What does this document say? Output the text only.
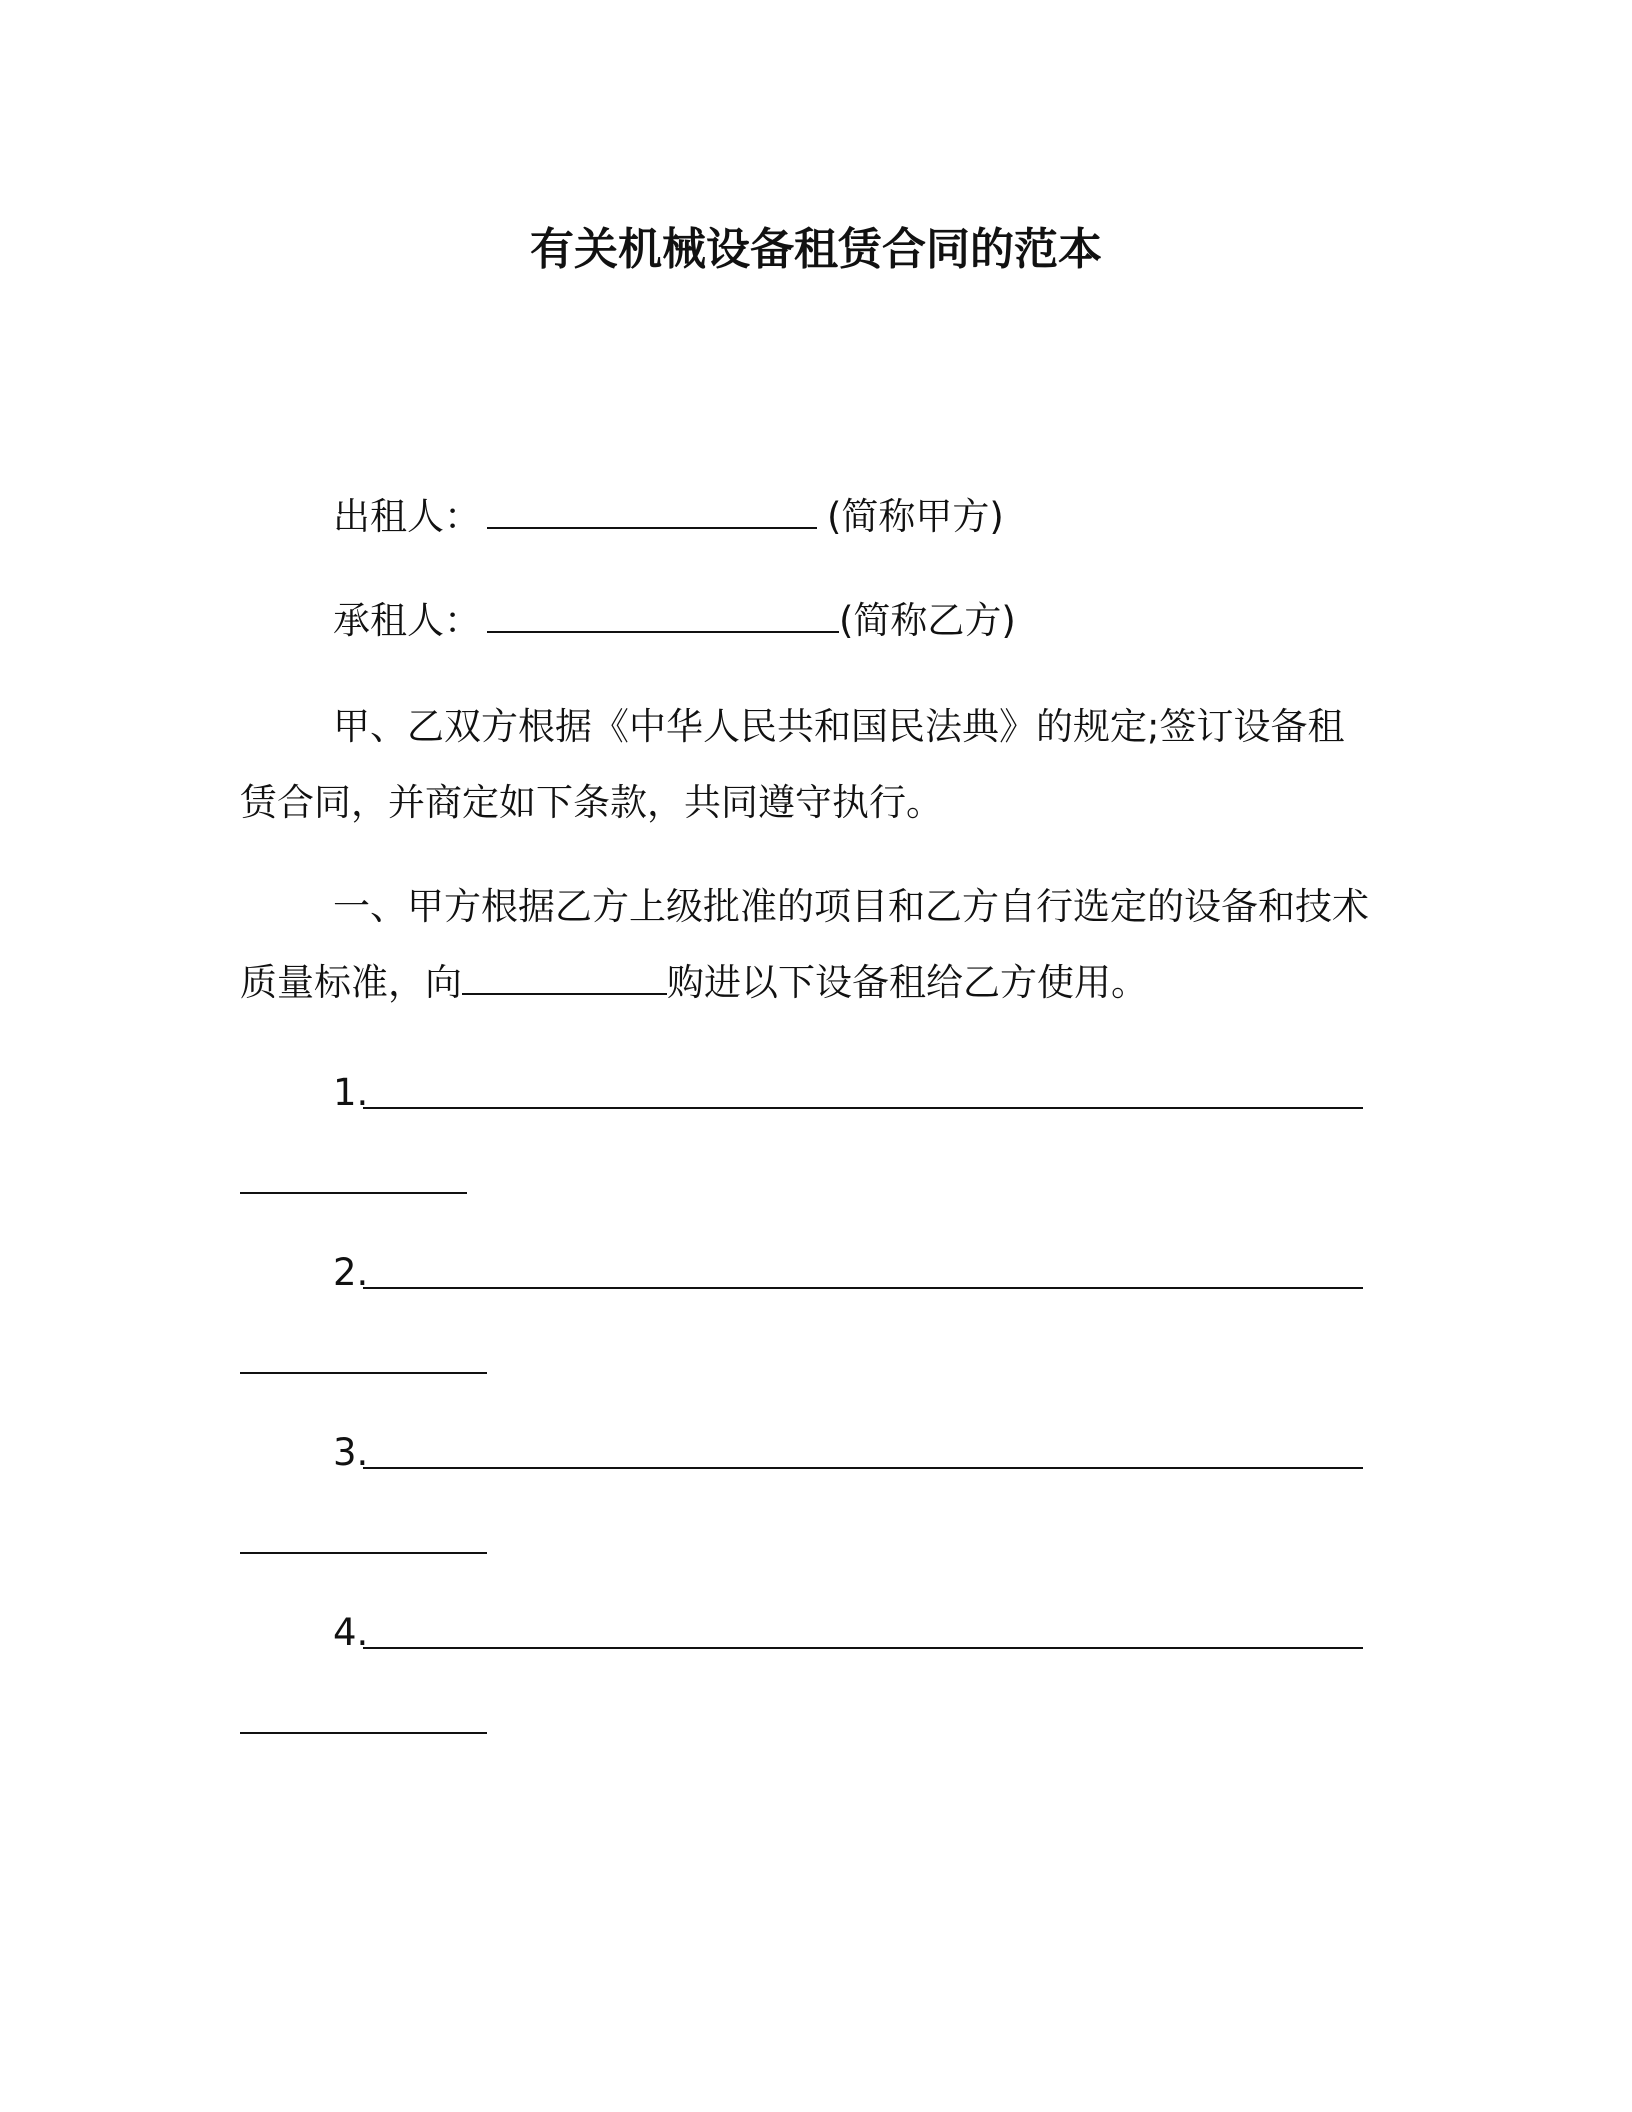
有关机械设备租赁合同的范本
出租人：	(简称甲方)
承租人：	(简称乙方)
甲、乙双方根据《中华人民共和国民法典》的规定;签订设备租
赁合同，并商定如下条款，共同遵守执行。
一、甲方根据乙方上级批准的项目和乙方自行选定的设备和技术
质量标准，向	购进以下设备租给乙方使用。
1.
2.
3.
4.
